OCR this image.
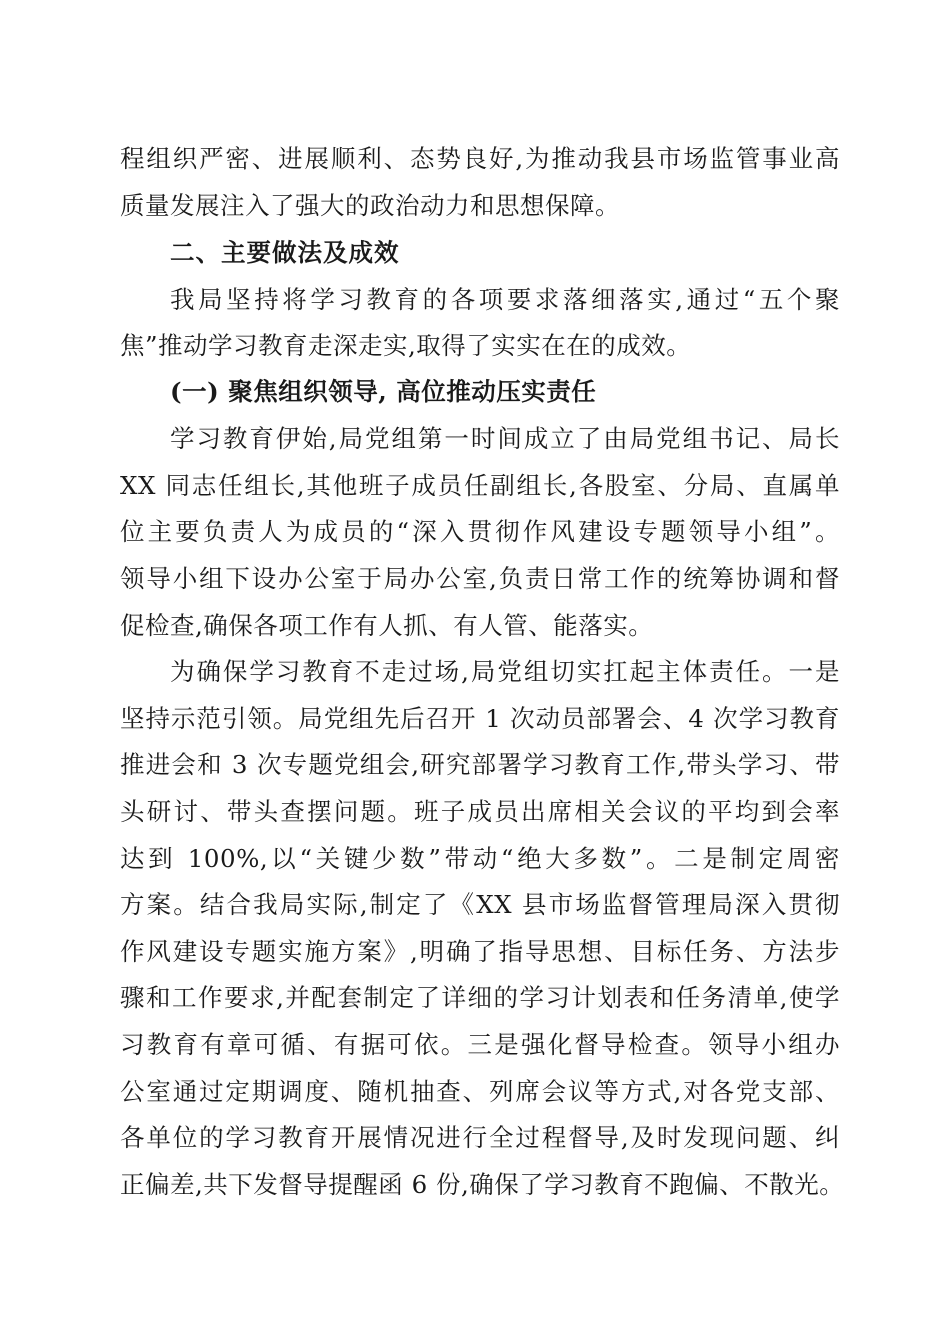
程组织严密、进展顺利、态势良好,为推动我县市场监管事业高
质量发展注入了强大的政治动力和思想保障。
二、主要做法及成效
我局坚持将学习教育的各项要求落细落实,通过“五个聚
焦”推动学习教育走深走实,取得了实实在在的成效。
(一) 聚焦组织领导, 高位推动压实责任
学习教育伊始,局党组第一时间成立了由局党组书记、局长
XX 同志任组长,其他班子成员任副组长,各股室、分局、直属单
位主要负责人为成员的“深入贯彻作风建设专题领导小组”。
领导小组下设办公室于局办公室,负责日常工作的统筹协调和督
促检查,确保各项工作有人抓、有人管、能落实。
为确保学习教育不走过场,局党组切实扛起主体责任。一是
坚持示范引领。局党组先后召开 1 次动员部署会、4 次学习教育
推进会和 3 次专题党组会,研究部署学习教育工作,带头学习、带
头研讨、带头查摆问题。班子成员出席相关会议的平均到会率
达到 100%,以“关键少数”带动“绝大多数”。二是制定周密
方案。结合我局实际,制定了《XX 县市场监督管理局深入贯彻
作风建设专题实施方案》,明确了指导思想、目标任务、方法步
骤和工作要求,并配套制定了详细的学习计划表和任务清单,使学
习教育有章可循、有据可依。三是强化督导检查。领导小组办
公室通过定期调度、随机抽查、列席会议等方式,对各党支部、
各单位的学习教育开展情况进行全过程督导,及时发现问题、纠
正偏差,共下发督导提醒函 6 份,确保了学习教育不跑偏、不散光。
